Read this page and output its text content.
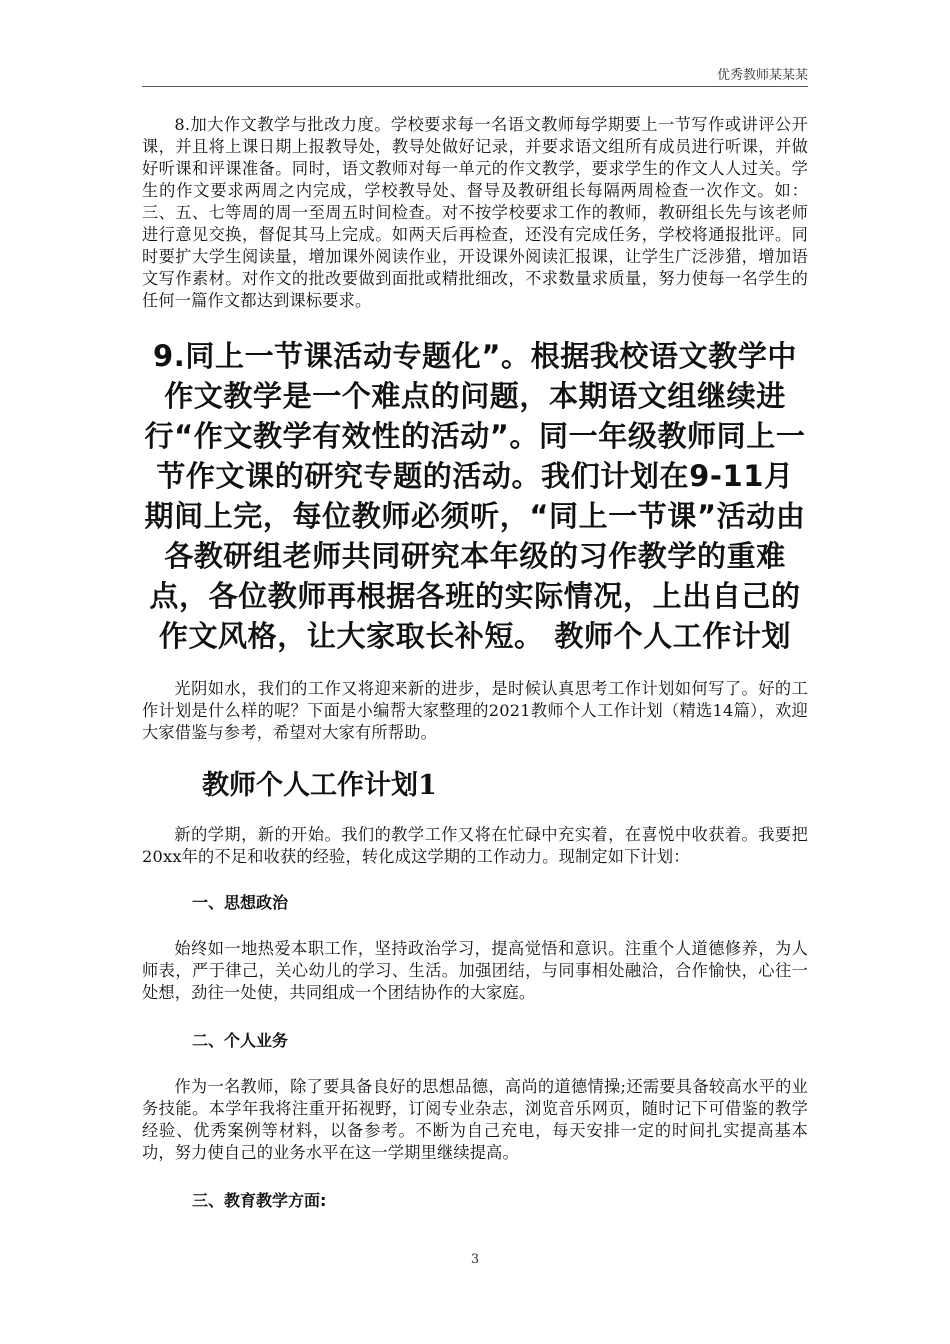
优秀教师某某某

8.加大作文教学与批改力度。学校要求每一名语文教师每学期要上一节写作或讲评公开课，并且将上课日期上报教导处，教导处做好记录，并要求语文组所有成员进行听课，并做好听课和评课准备。同时，语文教师对每一单元的作文教学，要求学生的作文人人过关。学生的作文要求两周之内完成，学校教导处、督导及教研组长每隔两周检查一次作文。如：三、五、七等周的周一至周五时间检查。对不按学校要求工作的教师，教研组长先与该老师进行意见交换，督促其马上完成。如两天后再检查，还没有完成任务，学校将通报批评。同时要扩大学生阅读量，增加课外阅读作业，开设课外阅读汇报课，让学生广泛涉猎，增加语文写作素材。对作文的批改要做到面批或精批细改，不求数量求质量，努力使每一名学生的任何一篇作文都达到课标要求。

9.同上一节课活动专题化”。根据我校语文教学中作文教学是一个难点的问题，本期语文组继续进行“作文教学有效性的活动”。同一年级教师同上一节作文课的研究专题的活动。我们计划在9-11月期间上完，每位教师必须听，“同上一节课”活动由各教研组老师共同研究本年级的习作教学的重难点，各位教师再根据各班的实际情况，上出自己的作文风格，让大家取长补短。 教师个人工作计划

光阴如水，我们的工作又将迎来新的进步，是时候认真思考工作计划如何写了。好的工作计划是什么样的呢？下面是小编帮大家整理的2021教师个人工作计划（精选14篇），欢迎大家借鉴与参考，希望对大家有所帮助。

教师个人工作计划1

新的学期，新的开始。我们的教学工作又将在忙碌中充实着，在喜悦中收获着。我要把20xx年的不足和收获的经验，转化成这学期的工作动力。现制定如下计划：

一、思想政治

始终如一地热爱本职工作，坚持政治学习，提高觉悟和意识。注重个人道德修养，为人师表，严于律己，关心幼儿的学习、生活。加强团结，与同事相处融洽，合作愉快，心往一处想，劲往一处使，共同组成一个团结协作的大家庭。

二、个人业务

作为一名教师，除了要具备良好的思想品德，高尚的道德情操;还需要具备较高水平的业务技能。本学年我将注重开拓视野，订阅专业杂志，浏览音乐网页，随时记下可借鉴的教学经验、优秀案例等材料，以备参考。不断为自己充电，每天安排一定的时间扎实提高基本功，努力使自己的业务水平在这一学期里继续提高。

三、教育教学方面:
3
